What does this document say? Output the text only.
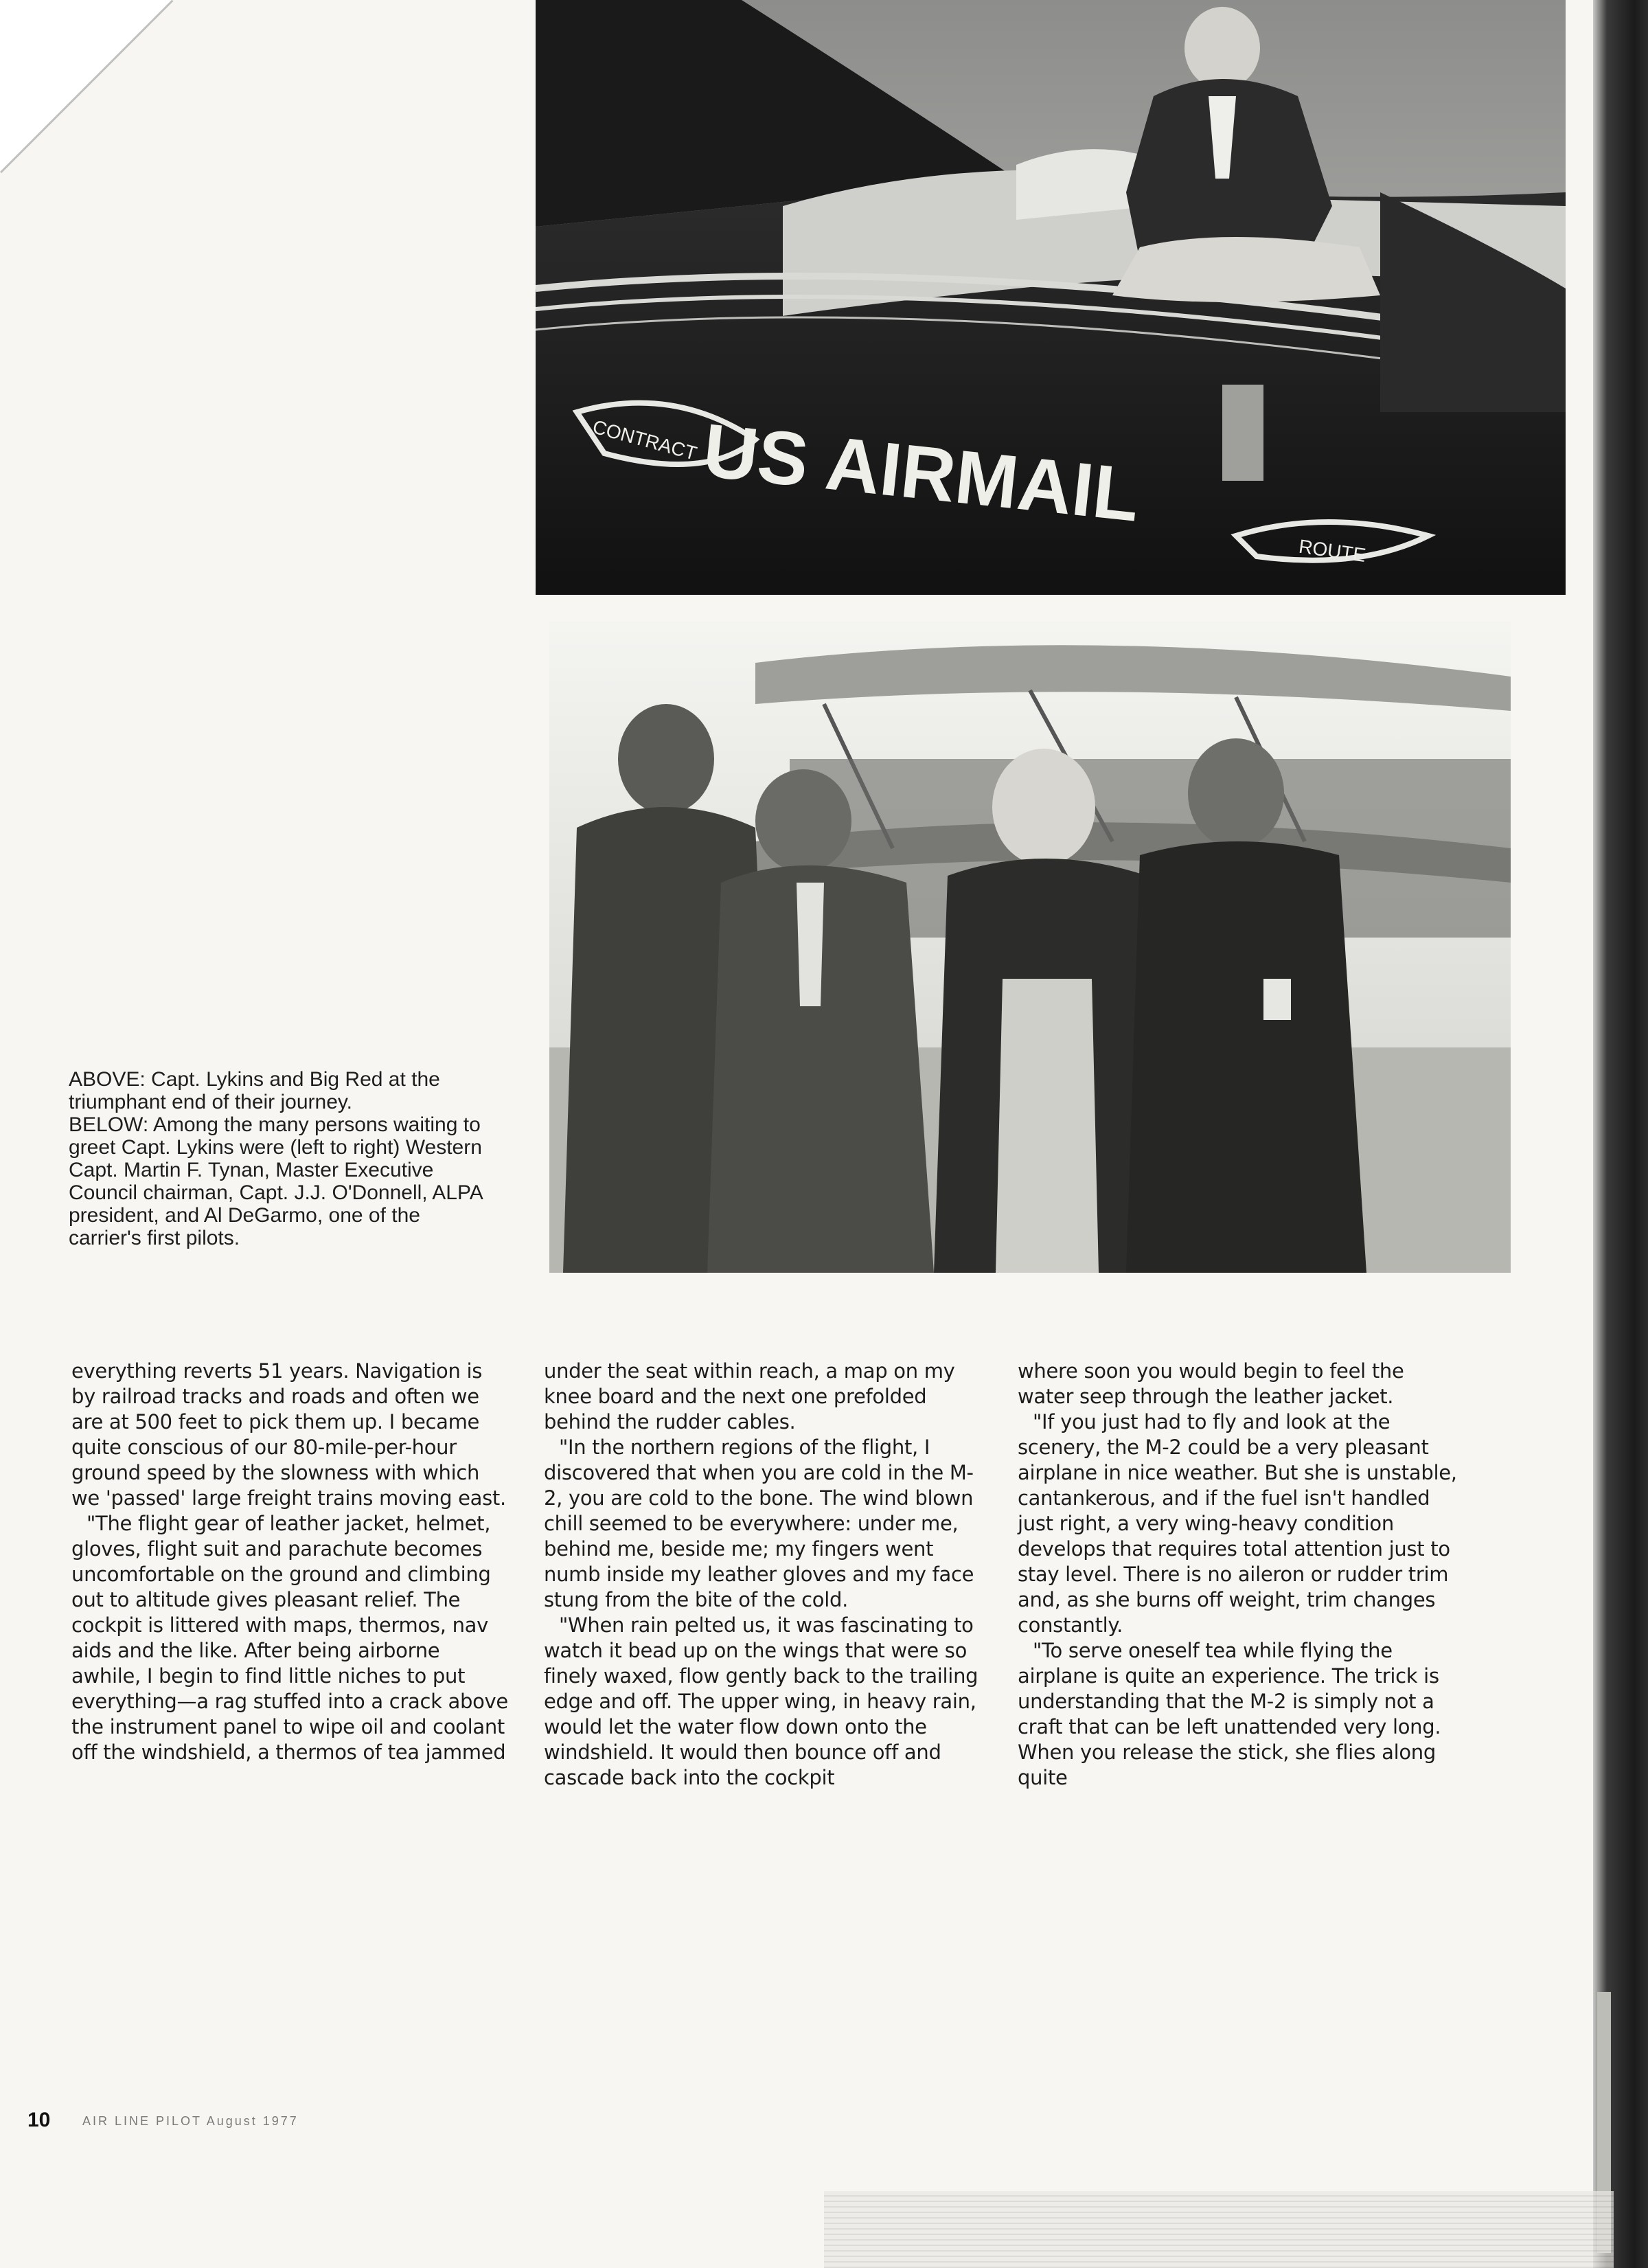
US AIRMAIL
CONTRACT
ROUTE

ABOVE: Capt. Lykins and Big Red at the triumphant end of their journey.

BELOW: Among the many persons waiting to greet Capt. Lykins were (left to right) Western Capt. Martin F. Tynan, Master Executive Council chairman, Capt. J.J. O'Donnell, ALPA president, and Al DeGarmo, one of the carrier's first pilots.

everything reverts 51 years. Navigation is by railroad tracks and roads and often we are at 500 feet to pick them up. I became quite conscious of our 80-mile-per-hour ground speed by the slowness with which we 'passed' large freight trains moving east.

"The flight gear of leather jacket, helmet, gloves, flight suit and parachute becomes uncomfortable on the ground and climbing out to altitude gives pleasant relief. The cockpit is littered with maps, thermos, nav aids and the like. After being airborne awhile, I begin to find little niches to put everything—a rag stuffed into a crack above the instrument panel to wipe oil and coolant off the windshield, a thermos of tea jammed

under the seat within reach, a map on my knee board and the next one prefolded behind the rudder cables.

"In the northern regions of the flight, I discovered that when you are cold in the M-2, you are cold to the bone. The wind blown chill seemed to be everywhere: under me, behind me, beside me; my fingers went numb inside my leather gloves and my face stung from the bite of the cold.

"When rain pelted us, it was fascinating to watch it bead up on the wings that were so finely waxed, flow gently back to the trailing edge and off. The upper wing, in heavy rain, would let the water flow down onto the windshield. It would then bounce off and cascade back into the cockpit

where soon you would begin to feel the water seep through the leather jacket.

"If you just had to fly and look at the scenery, the M-2 could be a very pleasant airplane in nice weather. But she is unstable, cantankerous, and if the fuel isn't handled just right, a very wing-heavy condition develops that requires total attention just to stay level. There is no aileron or rudder trim and, as she burns off weight, trim changes constantly.

"To serve oneself tea while flying the airplane is quite an experience. The trick is understanding that the M-2 is simply not a craft that can be left unattended very long. When you release the stick, she flies along quite

10	AIR LINE PILOT August 1977
